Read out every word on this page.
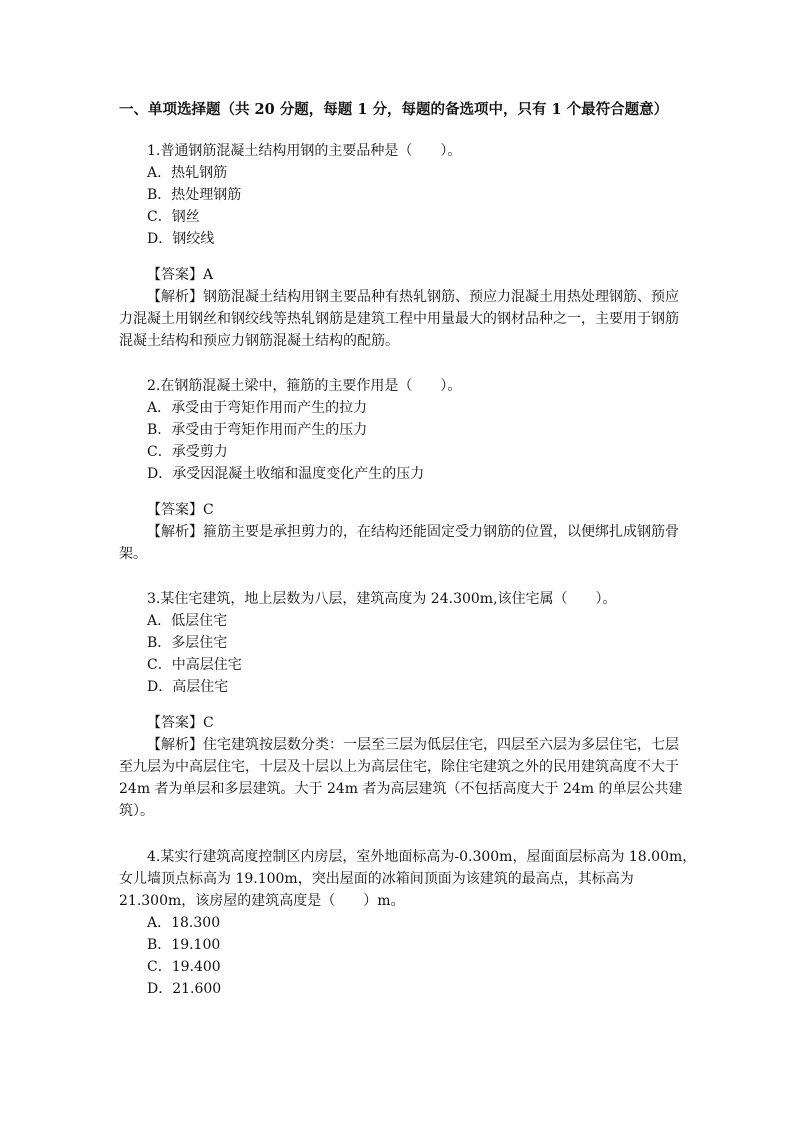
一、单项选择题（共 20 分题，每题 1 分，每题的备选项中，只有 1 个最符合题意）
1.普通钢筋混凝土结构用钢的主要品种是（　　）。
A．热轧钢筋
B．热处理钢筋
C．钢丝
D．钢绞线
【答案】A
【解析】钢筋混凝土结构用钢主要品种有热轧钢筋、预应力混凝土用热处理钢筋、预应
力混凝土用钢丝和钢绞线等热轧钢筋是建筑工程中用量最大的钢材品种之一，主要用于钢筋
混凝土结构和预应力钢筋混凝土结构的配筋。
2.在钢筋混凝土梁中，箍筋的主要作用是（　　）。
A．承受由于弯矩作用而产生的拉力
B．承受由于弯矩作用而产生的压力
C．承受剪力
D．承受因混凝土收缩和温度变化产生的压力
【答案】C
【解析】箍筋主要是承担剪力的，在结构还能固定受力钢筋的位置，以便绑扎成钢筋骨
架。
3.某住宅建筑，地上层数为八层，建筑高度为 24.300m,该住宅属（　　）。
A．低层住宅
B．多层住宅
C．中高层住宅
D．高层住宅
【答案】C
【解析】住宅建筑按层数分类：一层至三层为低层住宅，四层至六层为多层住宅，七层
至九层为中高层住宅，十层及十层以上为高层住宅，除住宅建筑之外的民用建筑高度不大于
24m 者为单层和多层建筑。大于 24m 者为高层建筑（不包括高度大于 24m 的单层公共建
筑）。
4.某实行建筑高度控制区内房层，室外地面标高为-0.300m，屋面面层标高为 18.00m，
女儿墙顶点标高为 19.100m，突出屋面的冰箱间顶面为该建筑的最高点，其标高为
21.300m，该房屋的建筑高度是（　　）m。
A．18.300
B．19.100
C．19.400
D．21.600
